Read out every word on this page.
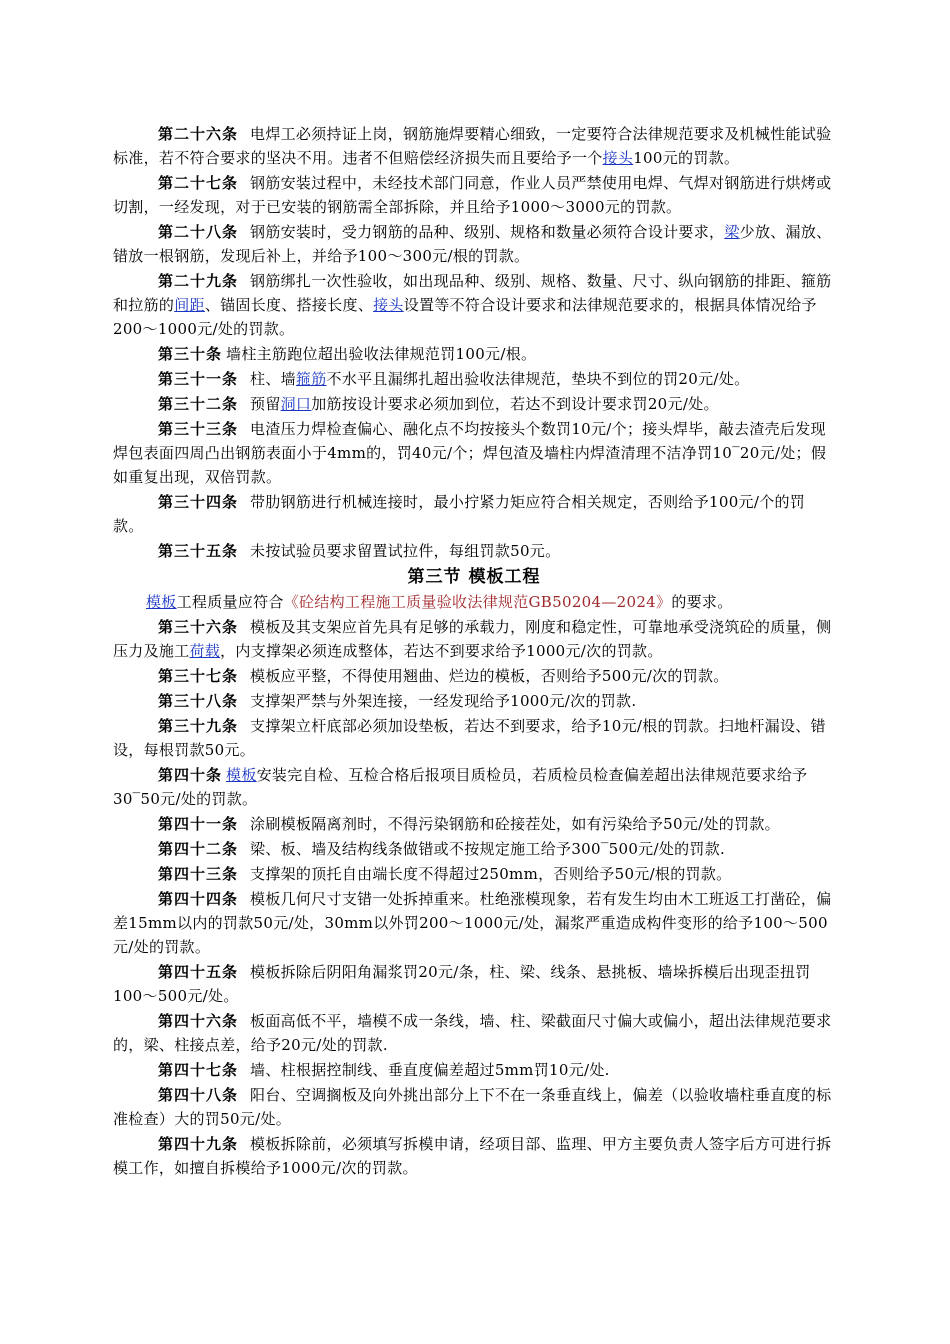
第二十六条 电焊工必须持证上岗，钢筋施焊要精心细致，一定要符合法律规范要求及机械性能试验标准，若不符合要求的坚决不用。违者不但赔偿经济损失而且要给予一个接头100元的罚款。

第二十七条 钢筋安装过程中，未经技术部门同意，作业人员严禁使用电焊、气焊对钢筋进行烘烤或切割，一经发现，对于已安装的钢筋需全部拆除，并且给予1000～3000元的罚款。

第二十八条 钢筋安装时，受力钢筋的品种、级别、规格和数量必须符合设计要求，梁少放、漏放、错放一根钢筋，发现后补上，并给予100～300元/根的罚款。

第二十九条 钢筋绑扎一次性验收，如出现品种、级别、规格、数量、尺寸、纵向钢筋的排距、箍筋和拉筋的间距、锚固长度、搭接长度、接头设置等不符合设计要求和法律规范要求的，根据具体情况给予200～1000元/处的罚款。

第三十条 墙柱主筋跑位超出验收法律规范罚100元/根。

第三十一条 柱、墙箍筋不水平且漏绑扎超出验收法律规范，垫块不到位的罚20元/处。

第三十二条 预留洞口加筋按设计要求必须加到位，若达不到设计要求罚20元/处。

第三十三条 电渣压力焊检查偏心、融化点不均按接头个数罚10元/个；接头焊毕，敲去渣壳后发现焊包表面四周凸出钢筋表面小于4mm的，罚40元/个；焊包渣及墙柱内焊渣清理不洁净罚10‾20元/处；假如重复出现，双倍罚款。

第三十四条 带肋钢筋进行机械连接时，最小拧紧力矩应符合相关规定，否则给予100元/个的罚款。

第三十五条 未按试验员要求留置试拉件，每组罚款50元。

第三节 模板工程

模板工程质量应符合《砼结构工程施工质量验收法律规范GB50204—2024》的要求。

第三十六条 模板及其支架应首先具有足够的承载力，刚度和稳定性，可靠地承受浇筑砼的质量，侧压力及施工荷载，内支撑架必须连成整体，若达不到要求给予1000元/次的罚款。

第三十七条 模板应平整，不得使用翘曲、烂边的模板，否则给予500元/次的罚款。

第三十八条 支撑架严禁与外架连接，一经发现给予1000元/次的罚款.

第三十九条 支撑架立杆底部必须加设垫板，若达不到要求，给予10元/根的罚款。扫地杆漏设、错设，每根罚款50元。

第四十条 模板安装完自检、互检合格后报项目质检员，若质检员检查偏差超出法律规范要求给予30‾50元/处的罚款。

第四十一条 涂刷模板隔离剂时，不得污染钢筋和砼接茬处，如有污染给予50元/处的罚款。

第四十二条 梁、板、墙及结构线条做错或不按规定施工给予300‾500元/处的罚款.

第四十三条 支撑架的顶托自由端长度不得超过250mm，否则给予50元/根的罚款。

第四十四条 模板几何尺寸支错一处拆掉重来。杜绝涨模现象，若有发生均由木工班返工打凿砼，偏差15mm以内的罚款50元/处，30mm以外罚200～1000元/处，漏浆严重造成构件变形的给予100～500元/处的罚款。

第四十五条 模板拆除后阴阳角漏浆罚20元/条，柱、梁、线条、悬挑板、墙垛拆模后出现歪扭罚100～500元/处。

第四十六条 板面高低不平，墙模不成一条线，墙、柱、梁截面尺寸偏大或偏小，超出法律规范要求的，梁、柱接点差，给予20元/处的罚款.

第四十七条 墙、柱根据控制线、垂直度偏差超过5mm罚10元/处.

第四十八条 阳台、空调搁板及向外挑出部分上下不在一条垂直线上，偏差（以验收墙柱垂直度的标准检查）大的罚50元/处。

第四十九条 模板拆除前，必须填写拆模申请，经项目部、监理、甲方主要负责人签字后方可进行拆模工作，如擅自拆模给予1000元/次的罚款。
